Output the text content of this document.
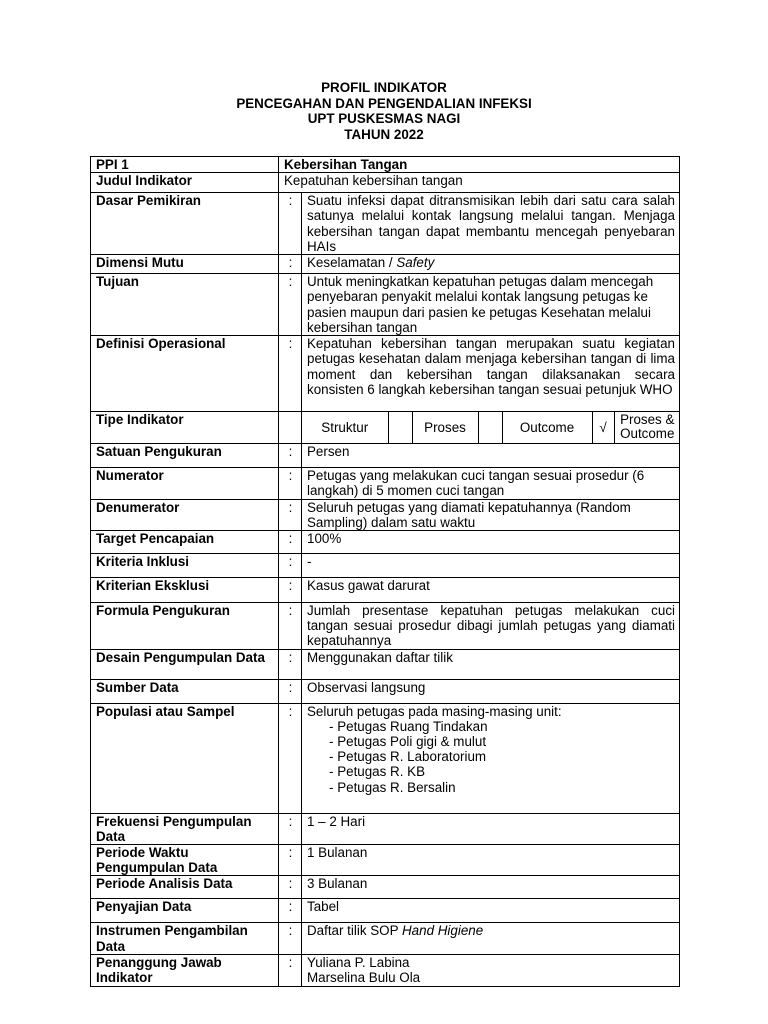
PROFIL INDIKATOR
PENCEGAHAN DAN PENGENDALIAN INFEKSI
UPT PUSKESMAS NAGI
TAHUN 2022
PPI 1	Kebersihan Tangan
Judul Indikator	Kepatuhan kebersihan tangan
Dasar Pemikiran	:	Suatu infeksi dapat ditransmisikan lebih dari satu cara salah satunya melalui kontak langsung melalui tangan. Menjaga kebersihan tangan dapat membantu mencegah penyebaran HAIs
Dimensi Mutu	:	Keselamatan / Safety
Tujuan	:	Untuk meningkatkan kepatuhan petugas dalam mencegah penyebaran penyakit melalui kontak langsung petugas ke pasien maupun dari pasien ke petugas Kesehatan melalui kebersihan tangan
Definisi Operasional	:	Kepatuhan kebersihan tangan merupakan suatu kegiatan petugas kesehatan dalam menjaga kebersihan tangan di lima moment dan kebersihan tangan dilaksanakan secara konsisten 6 langkah kebersihan tangan sesuai petunjuk WHO
Tipe Indikator			Struktur		Proses		Outcome	√	Proses & Outcome

Satuan Pengukuran	:	Persen
Numerator	:	Petugas yang melakukan cuci tangan sesuai prosedur (6 langkah) di 5 momen cuci tangan
Denumerator	:	Seluruh petugas yang diamati kepatuhannya (Random Sampling) dalam satu waktu
Target Pencapaian	:	100%
Kriteria Inklusi	:	-
Kriterian Eksklusi	:	Kasus gawat darurat
Formula Pengukuran	:	Jumlah presentase kepatuhan petugas melakukan cuci tangan sesuai prosedur dibagi jumlah petugas yang diamati kepatuhannya
Desain Pengumpulan Data	:	Menggunakan daftar tilik
Sumber Data	:	Observasi langsung
Populasi atau Sampel	:	Seluruh petugas pada masing-masing unit:
- Petugas Ruang Tindakan
- Petugas Poli gigi & mulut
- Petugas R. Laboratorium
- Petugas R. KB
- Petugas R. Bersalin

Frekuensi Pengumpulan Data	:	1 – 2 Hari
Periode Waktu Pengumpulan Data	:	1 Bulanan
Periode Analisis Data	:	3 Bulanan
Penyajian Data	:	Tabel
Instrumen Pengambilan Data	:	Daftar tilik SOP Hand Higiene
Penanggung Jawab Indikator	:	Yuliana P. Labina
Marselina Bulu Ola
